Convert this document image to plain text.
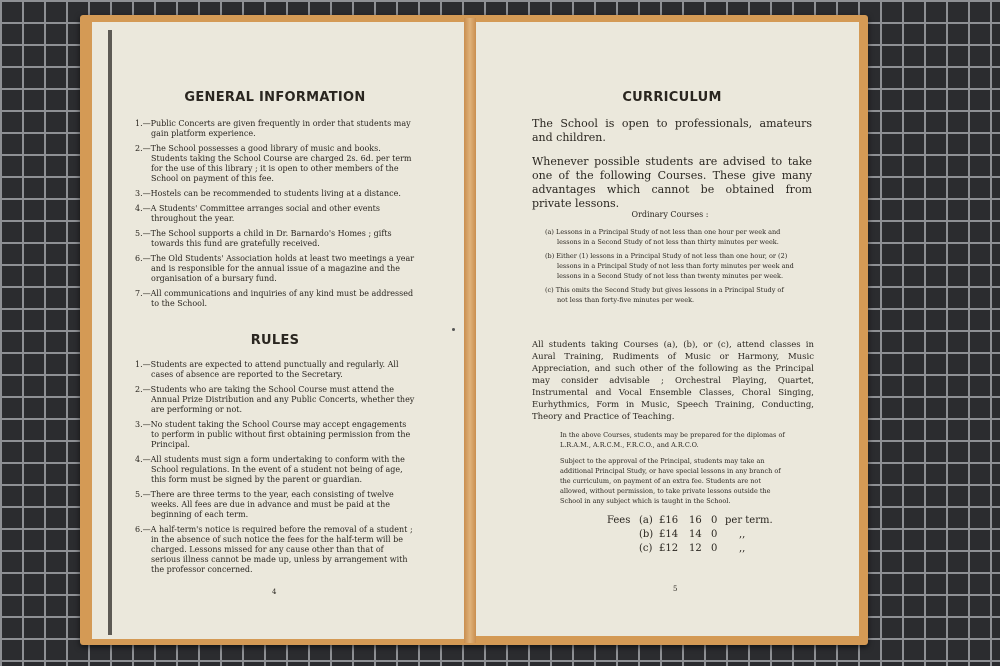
GENERAL INFORMATION

1.—Public Concerts are given frequently in order that students may gain platform experience.

2.—The School possesses a good library of music and books. Students taking the School Course are charged 2s. 6d. per term for the use of this library ; it is open to other members of the School on payment of this fee.

3.—Hostels can be recommended to students living at a distance.

4.—A Students' Committee arranges social and other events throughout the year.

5.—The School supports a child in Dr. Barnardo's Homes ; gifts towards this fund are gratefully received.

6.—The Old Students' Association holds at least two meetings a year and is responsible for the annual issue of a magazine and the organisation of a bursary fund.

7.—All communications and inquiries of any kind must be addressed to the School.

RULES

1.—Students are expected to attend punctually and regularly. All cases of absence are reported to the Secretary.

2.—Students who are taking the School Course must attend the Annual Prize Distribution and any Public Concerts, whether they are performing or not.

3.—No student taking the School Course may accept engagements to perform in public without first obtaining permission from the Principal.

4.—All students must sign a form undertaking to conform with the School regulations. In the event of a student not being of age, this form must be signed by the parent or guardian.

5.—There are three terms to the year, each consisting of twelve weeks. All fees are due in advance and must be paid at the beginning of each term.

6.—A half-term's notice is required before the removal of a student ; in the absence of such notice the fees for the half-term will be charged. Lessons missed for any cause other than that of serious illness cannot be made up, unless by arrangement with the professor concerned.

4
CURRICULUM

The School is open to professionals, amateurs and children.

Whenever possible students are advised to take one of the following Courses. These give many advantages which cannot be obtained from private lessons.

Ordinary Courses :

(a) Lessons in a Principal Study of not less than one hour per week and lessons in a Second Study of not less than thirty minutes per week.

(b) Either (1) lessons in a Principal Study of not less than one hour, or (2) lessons in a Principal Study of not less than forty minutes per week and lessons in a Second Study of not less than twenty minutes per week.

(c) This omits the Second Study but gives lessons in a Principal Study of not less than forty-five minutes per week.

All students taking Courses (a), (b), or (c), attend classes in Aural Training, Rudiments of Music or Harmony, Music Appreciation, and such other of the following as the Principal may consider advisable ; Orchestral Playing, Quartet, Instrumental and Vocal Ensemble Classes, Choral Singing, Eurhythmics, Form in Music, Speech Training, Conducting, Theory and Practice of Teaching.

In the above Courses, students may be prepared for the diplomas of L.R.A.M., A.R.C.M., F.R.C.O., and A.R.C.O.

Subject to the approval of the Principal, students may take an additional Principal Study, or have special lessons in any branch of the curriculum, on payment of an extra fee. Students are not allowed, without permission, to take private lessons outside the School in any subject which is taught in the School.

Fees (a) £16	16 0 per term.
(b) £14	14 0	,,
(c) £12	12 0	,,
5
